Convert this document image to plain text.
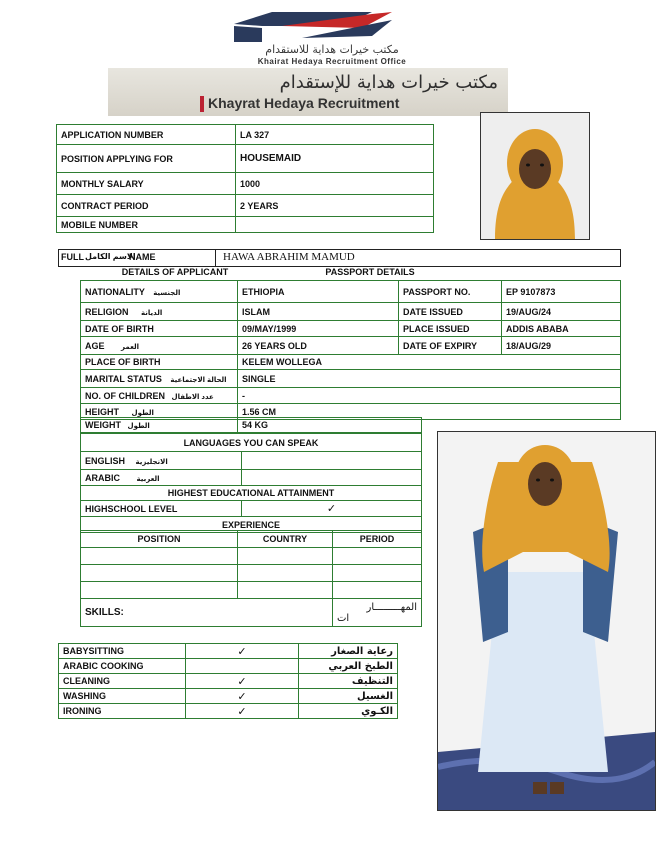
مكتب خيرات هداية للاستقدام
Khairat Hedaya Recruitment Office
مكتب خيرات هداية للإستقدام
Khayrat Hedaya Recruitment
APPLICATION NUMBER	LA 327
POSITION APPLYING FOR	HOUSEMAID
MONTHLY SALARY	1000
CONTRACT PERIOD	2 YEARS
MOBILE NUMBER	
FULL الاسم الكامل
NAME	HAWA ABRAHIM MAMUD
DETAILS OF APPLICANT	PASSPORT DETAILS
NATIONALITY الجنسية	ETHIOPIA	PASSPORT NO.	EP 9107873
RELIGION الديانة	ISLAM	DATE ISSUED	19/AUG/24
DATE OF BIRTH	09/MAY/1999	PLACE ISSUED	ADDIS ABABA
AGE العمر	26 YEARS OLD	DATE OF EXPIRY	18/AUG/29
PLACE OF BIRTH	KELEM WOLLEGA		
MARITAL STATUS الحالة الاجتماعية	SINGLE		
NO. OF CHILDREN عدد الاطفال	-		
HEIGHT الطول	1.56 CM		
WEIGHT الطول	54 KG
LANGUAGES YOU CAN SPEAK	
ENGLISH الانجليزية	
ARABIC العربية	
HIGHEST EDUCATIONAL ATTAINMENT	
HIGHSCHOOL LEVEL	✓
EXPERIENCE	
POSITION	COUNTRY	PERIOD

SKILLS:		المهـــــــــار
ات
BABYSITTING	✓	رعاية الصغار
ARABIC COOKING		الطبخ العربي
CLEANING	✓	التنظيف
WASHING	✓	الغسيل
IRONING	✓	الكـوي
